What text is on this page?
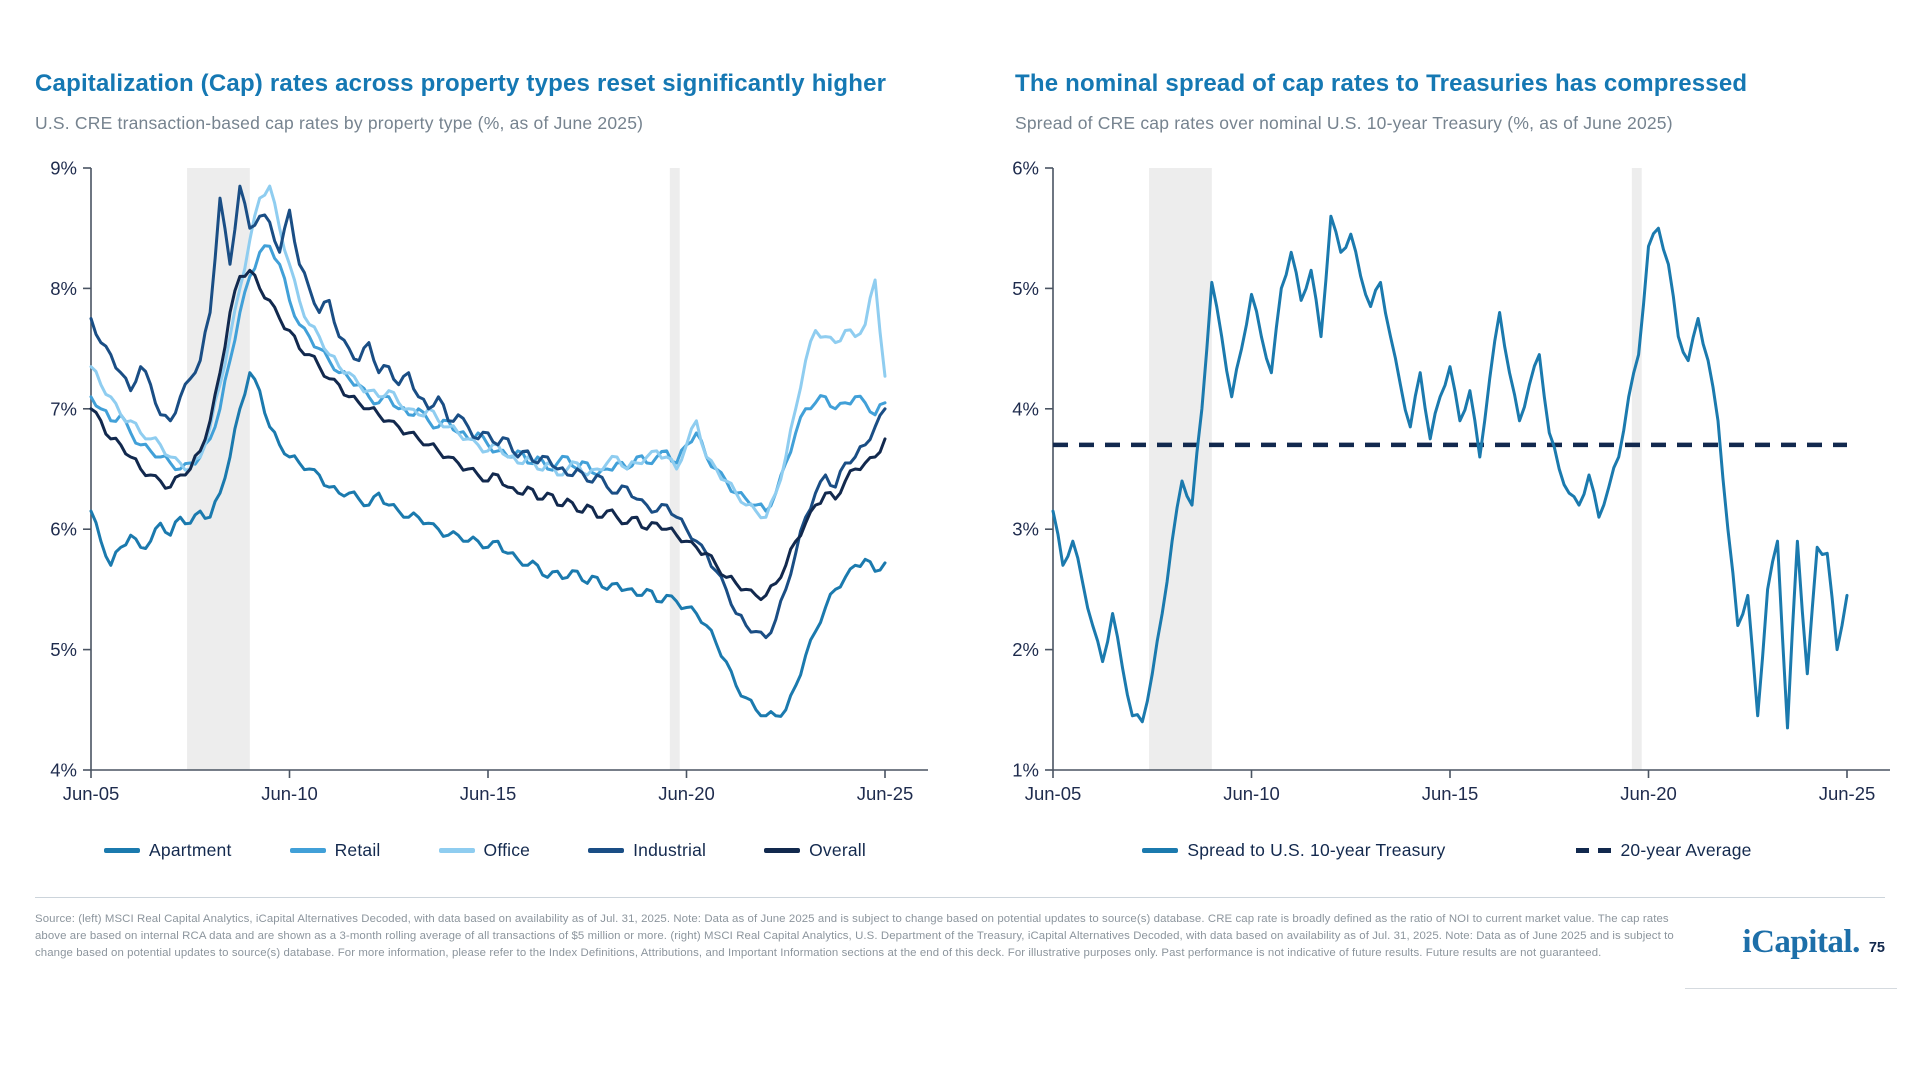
Capitalization (Cap) rates across property types reset significantly higher
U.S. CRE transaction-based cap rates by property type (%, as of June 2025)
4%
5%
6%
7%
8%
9%
Jun-05	Jun-10	Jun-15	Jun-20	Jun-25
Apartment	Retail	Office	Industrial	Overall
The nominal spread of cap rates to Treasuries has compressed
Spread of CRE cap rates over nominal U.S. 10-year Treasury (%, as of June 2025)
1%
2%
3%
4%
5%
6%
Jun-05	Jun-10	Jun-15	Jun-20	Jun-25
Spread to U.S. 10-year Treasury	20-year Average
Source: (left) MSCI Real Capital Analytics, iCapital Alternatives Decoded, with data based on availability as of Jul. 31, 2025. Note: Data as of June 2025 and is subject to change based on potential updates to source(s) database. CRE cap rate is broadly defined as the ratio of NOI to current market value. The cap rates above are based on internal RCA data and are shown as a 3-month rolling average of all transactions of $5 million or more. (right) MSCI Real Capital Analytics, U.S. Department of the Treasury, iCapital Alternatives Decoded, with data based on availability as of Jul. 31, 2025. Note: Data as of June 2025 and is subject to change based on potential updates to source(s) database. For more information, please refer to the Index Definitions, Attributions, and Important Information sections at the end of this deck. For illustrative purposes only. Past performance is not indicative of future results. Future results are not guaranteed.	iCapital. 75
